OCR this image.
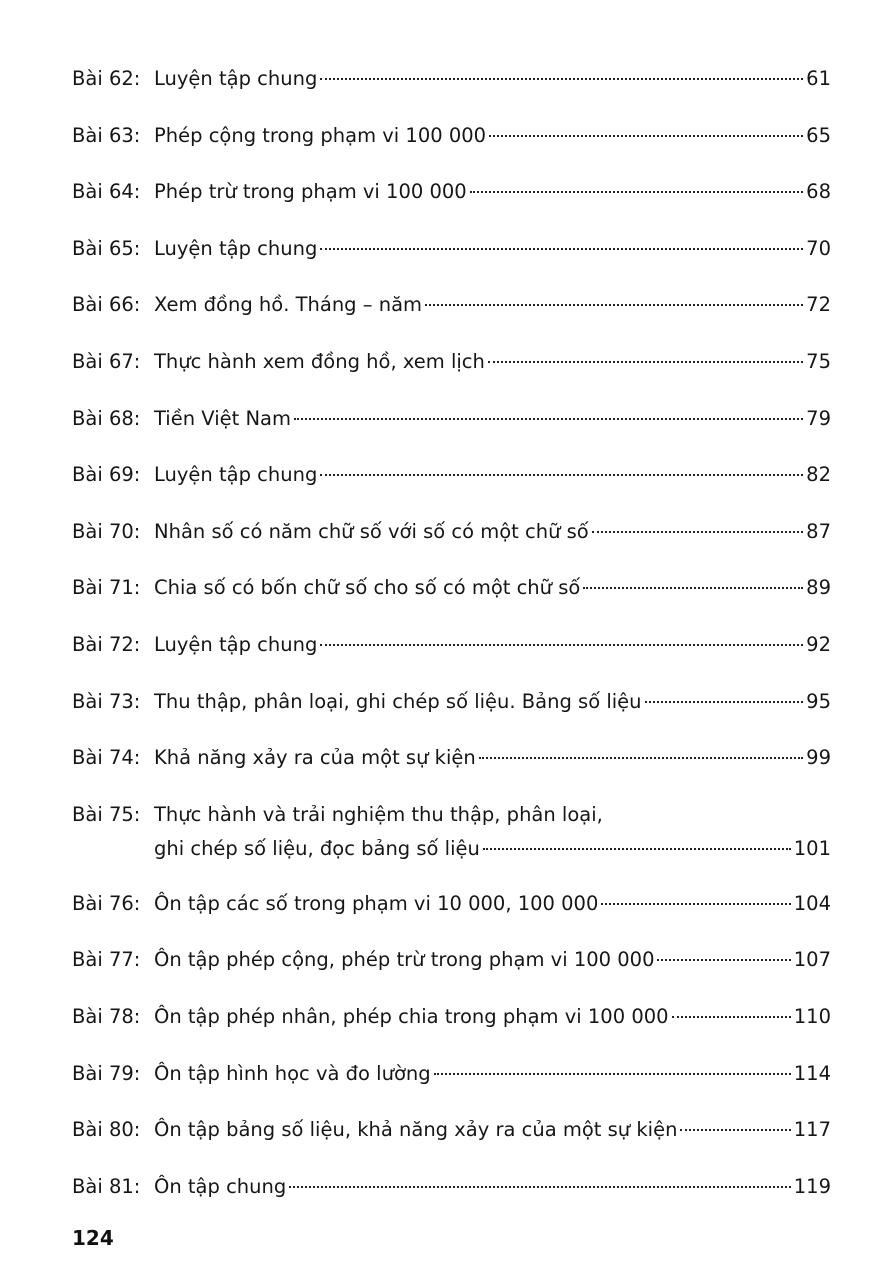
Bài 62: Luyện tập chung	61
Bài 63: Phép cộng trong phạm vi 100 000	65
Bài 64: Phép trừ trong phạm vi 100 000	68
Bài 65: Luyện tập chung	70
Bài 66: Xem đồng hồ. Tháng – năm	72
Bài 67: Thực hành xem đồng hồ, xem lịch	75
Bài 68: Tiền Việt Nam	79
Bài 69: Luyện tập chung	82
Bài 70: Nhân số có năm chữ số với số có một chữ số	87
Bài 71: Chia số có bốn chữ số cho số có một chữ số	89
Bài 72: Luyện tập chung	92
Bài 73: Thu thập, phân loại, ghi chép số liệu. Bảng số liệu	95
Bài 74: Khả năng xảy ra của một sự kiện	99
Bài 75: Thực hành và trải nghiệm thu thập, phân loại,
ghi chép số liệu, đọc bảng số liệu	101
Bài 76: Ôn tập các số trong phạm vi 10 000, 100 000	104
Bài 77: Ôn tập phép cộng, phép trừ trong phạm vi 100 000	107
Bài 78: Ôn tập phép nhân, phép chia trong phạm vi 100 000	110
Bài 79: Ôn tập hình học và đo lường	114
Bài 80: Ôn tập bảng số liệu, khả năng xảy ra của một sự kiện	117
Bài 81: Ôn tập chung	119
124
